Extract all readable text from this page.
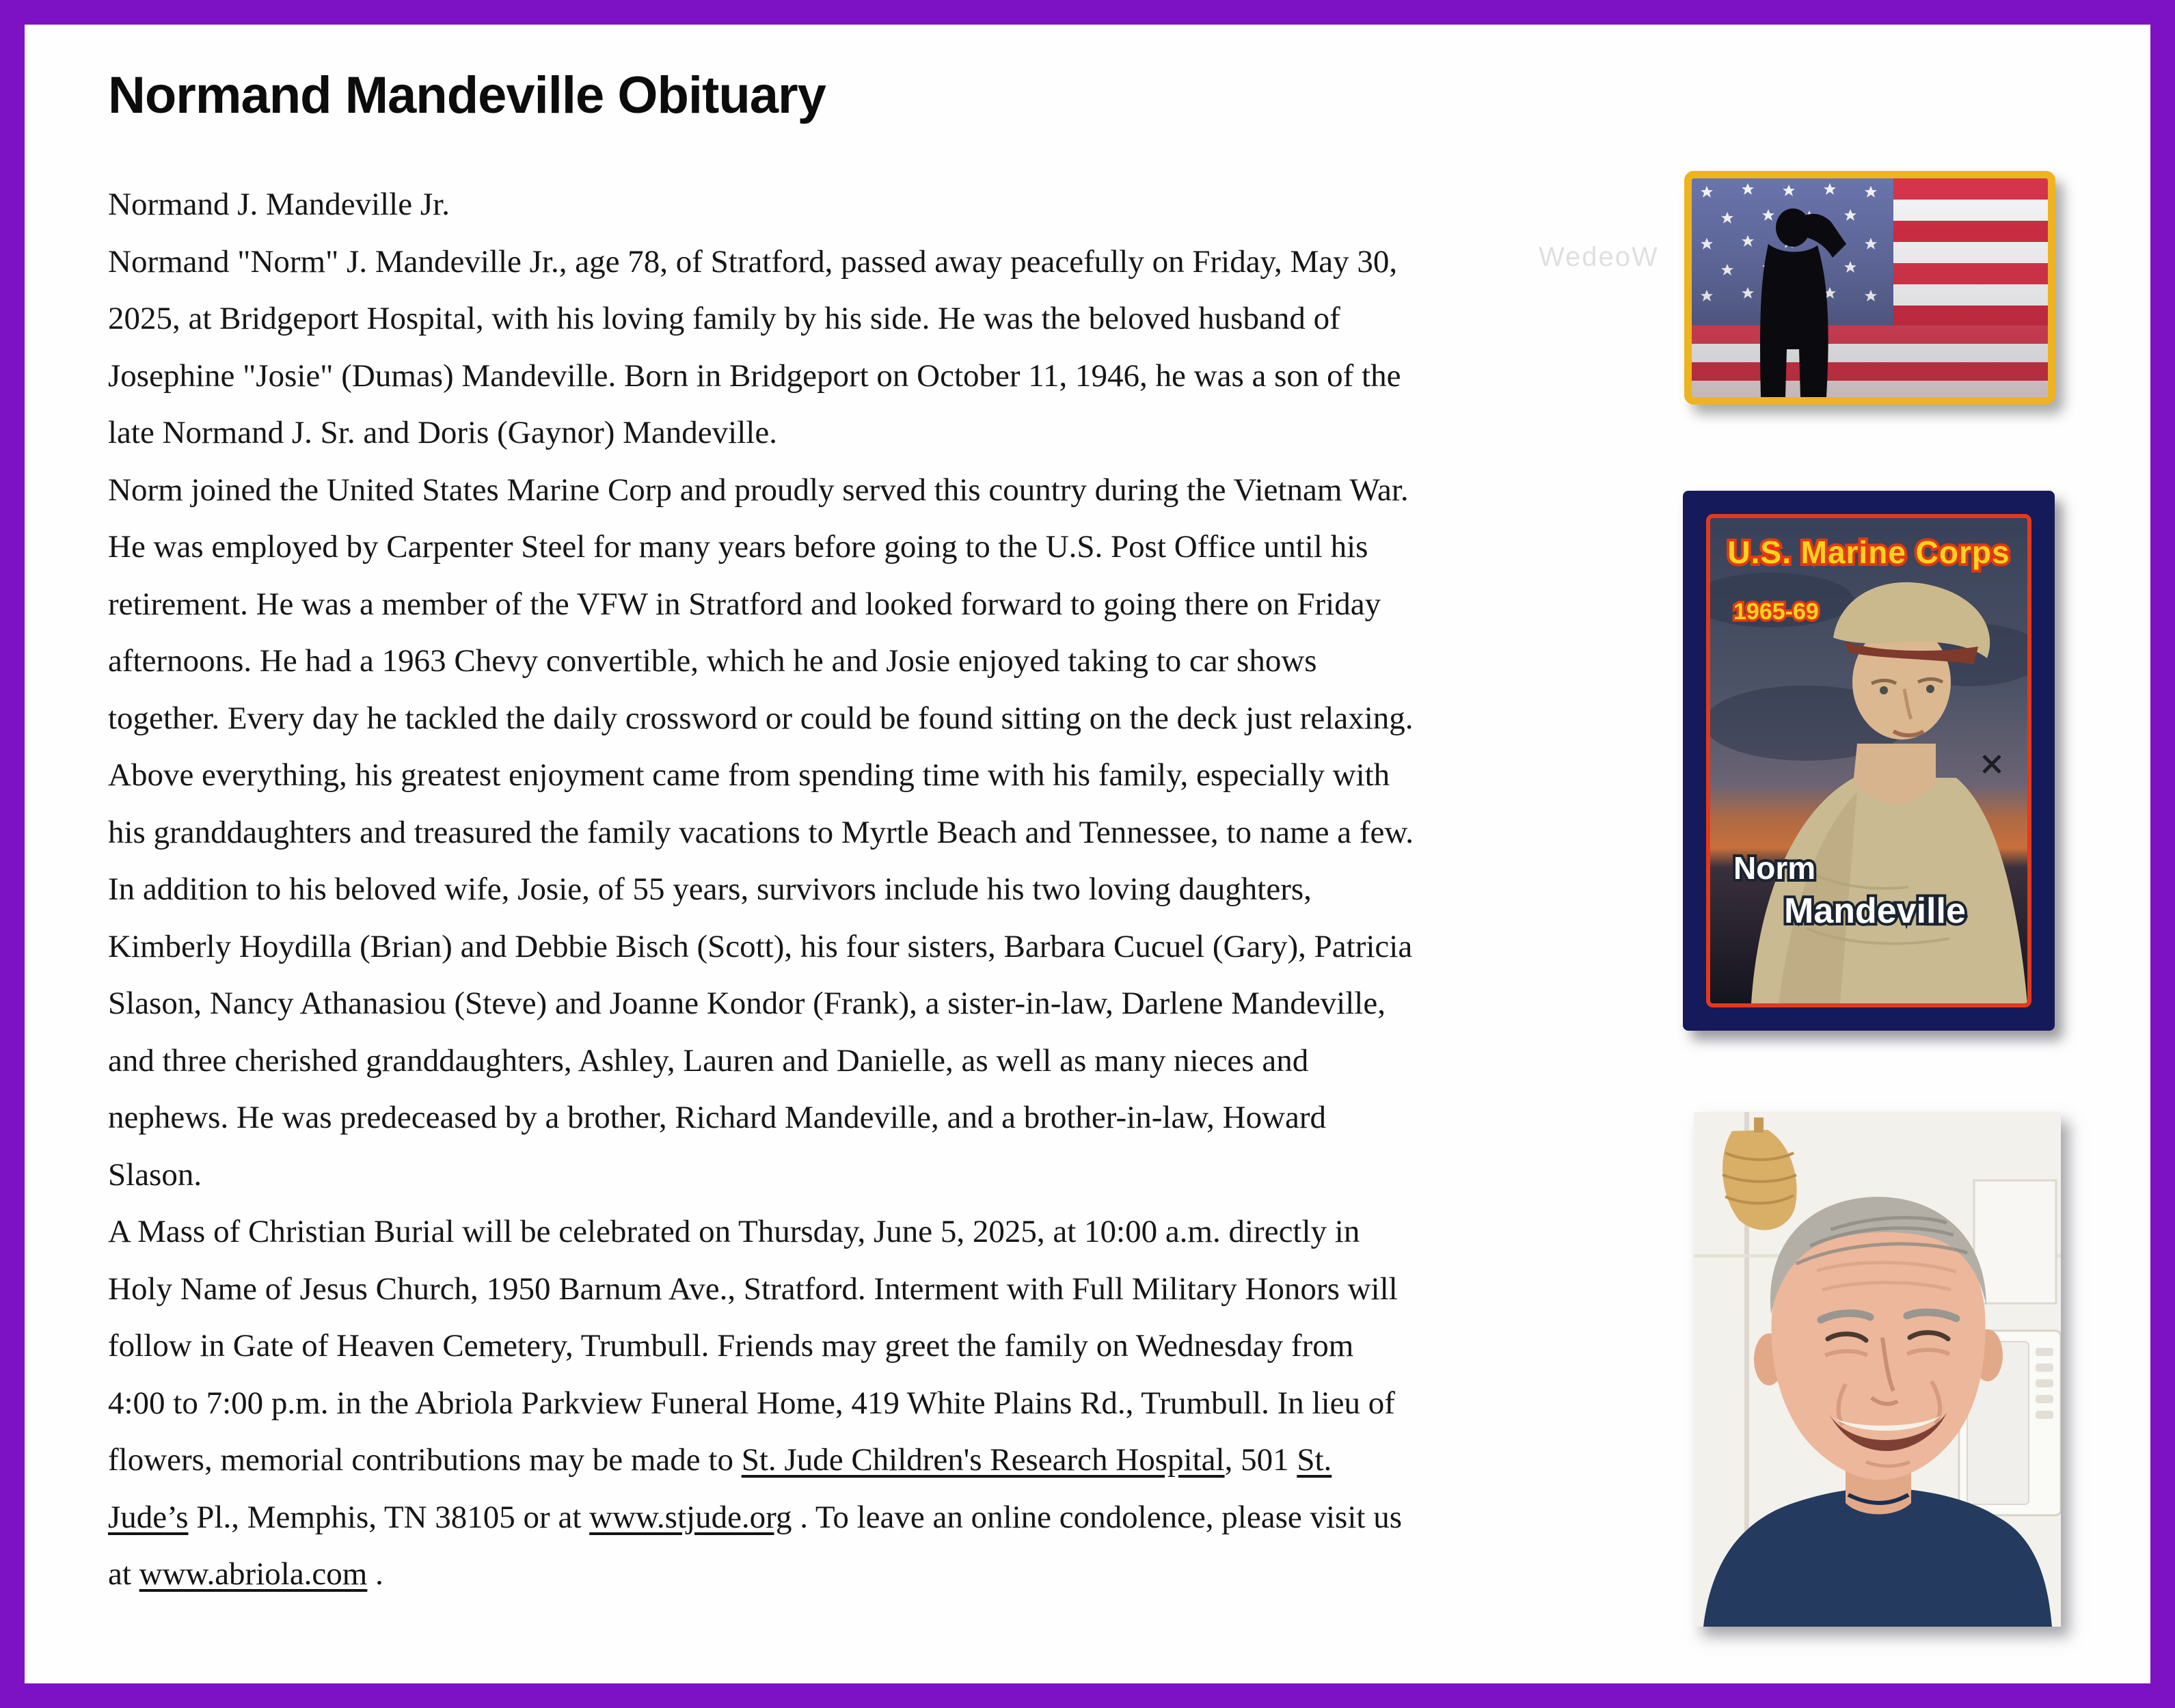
Normand Mandeville Obituary
WedeoW
Normand J. Mandeville Jr.
Normand "Norm" J. Mandeville Jr., age 78, of Stratford, passed away peacefully on Friday, May 30,
2025, at Bridgeport Hospital, with his loving family by his side. He was the beloved husband of
Josephine "Josie" (Dumas) Mandeville. Born in Bridgeport on October 11, 1946, he was a son of the
late Normand J. Sr. and Doris (Gaynor) Mandeville.
Norm joined the United States Marine Corp and proudly served this country during the Vietnam War.
He was employed by Carpenter Steel for many years before going to the U.S. Post Office until his
retirement. He was a member of the VFW in Stratford and looked forward to going there on Friday
afternoons. He had a 1963 Chevy convertible, which he and Josie enjoyed taking to car shows
together. Every day he tackled the daily crossword or could be found sitting on the deck just relaxing.
Above everything, his greatest enjoyment came from spending time with his family, especially with
his granddaughters and treasured the family vacations to Myrtle Beach and Tennessee, to name a few.
In addition to his beloved wife, Josie, of 55 years, survivors include his two loving daughters,
Kimberly Hoydilla (Brian) and Debbie Bisch (Scott), his four sisters, Barbara Cucuel (Gary), Patricia
Slason, Nancy Athanasiou (Steve) and Joanne Kondor (Frank), a sister-in-law, Darlene Mandeville,
and three cherished granddaughters, Ashley, Lauren and Danielle, as well as many nieces and
nephews. He was predeceased by a brother, Richard Mandeville, and a brother-in-law, Howard
Slason.
A Mass of Christian Burial will be celebrated on Thursday, June 5, 2025, at 10:00 a.m. directly in
Holy Name of Jesus Church, 1950 Barnum Ave., Stratford. Interment with Full Military Honors will
follow in Gate of Heaven Cemetery, Trumbull. Friends may greet the family on Wednesday from
4:00 to 7:00 p.m. in the Abriola Parkview Funeral Home, 419 White Plains Rd., Trumbull. In lieu of
flowers, memorial contributions may be made to St. Jude Children's Research Hospital, 501 St.
Jude’s Pl., Memphis, TN 38105 or at www.stjude.org . To leave an online condolence, please visit us
at www.abriola.com .
U.S. Marine Corps
1965-69
Norm
Mandeville
